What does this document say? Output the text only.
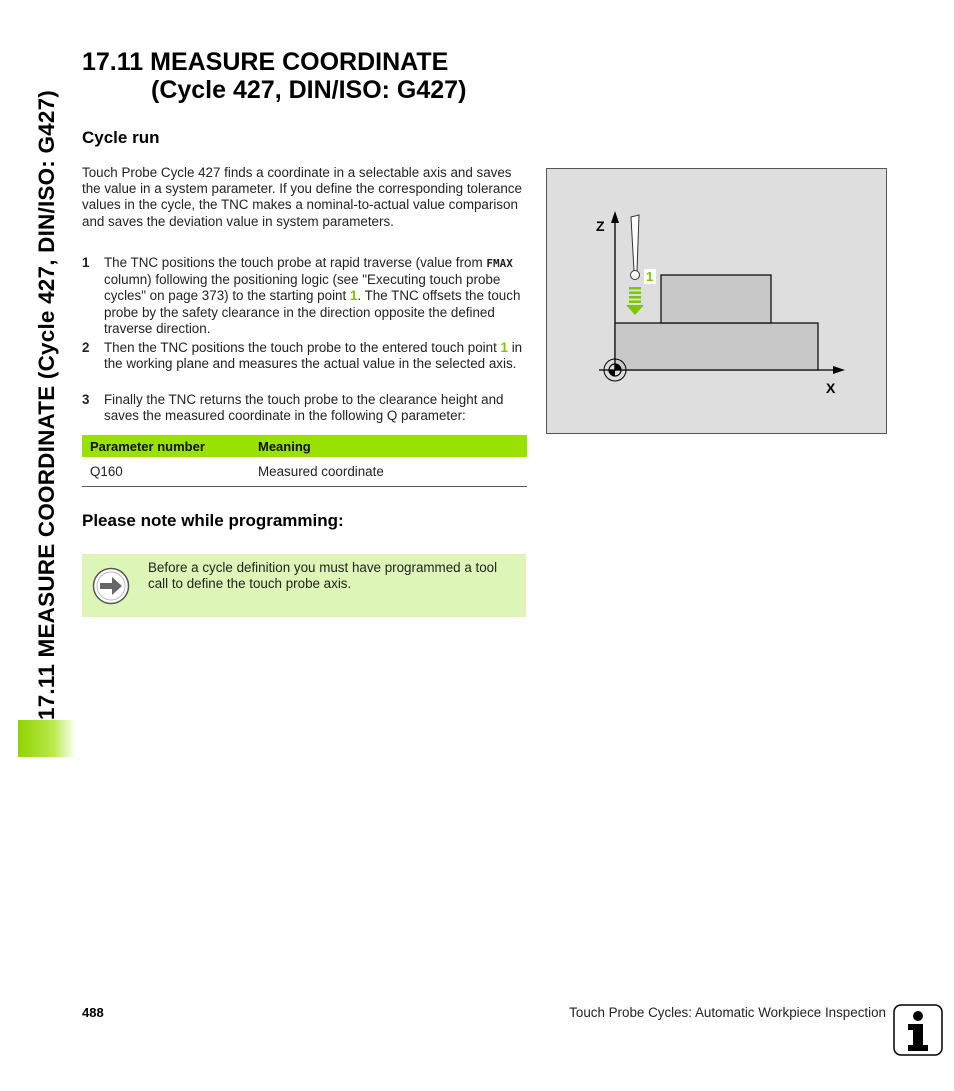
17.11 MEASURE COORDINATE (Cycle 427, DIN/ISO: G427)
17.11 MEASURE COORDINATE
(Cycle 427, DIN/ISO: G427)
Cycle run

Touch Probe Cycle 427 finds a coordinate in a selectable axis and saves the value in a system parameter. If you define the corresponding tolerance values in the cycle, the TNC makes a nominal-to-actual value comparison and saves the deviation value in system parameters.

1 The TNC positions the touch probe at rapid traverse (value from FMAX column) following the positioning logic (see "Executing touch probe cycles" on page 373) to the starting point 1. The TNC offsets the touch probe by the safety clearance in the direction opposite the defined traverse direction.
2 Then the TNC positions the touch probe to the entered touch point 1 in the working plane and measures the actual value in the selected axis.
3 Finally the TNC returns the touch probe to the clearance height and saves the measured coordinate in the following Q parameter:
Parameter number	Meaning
Q160	Measured coordinate
Please note while programming:
Before a cycle definition you must have programmed a tool call to define the touch probe axis.
Z
X
1
488	Touch Probe Cycles: Automatic Workpiece Inspection
